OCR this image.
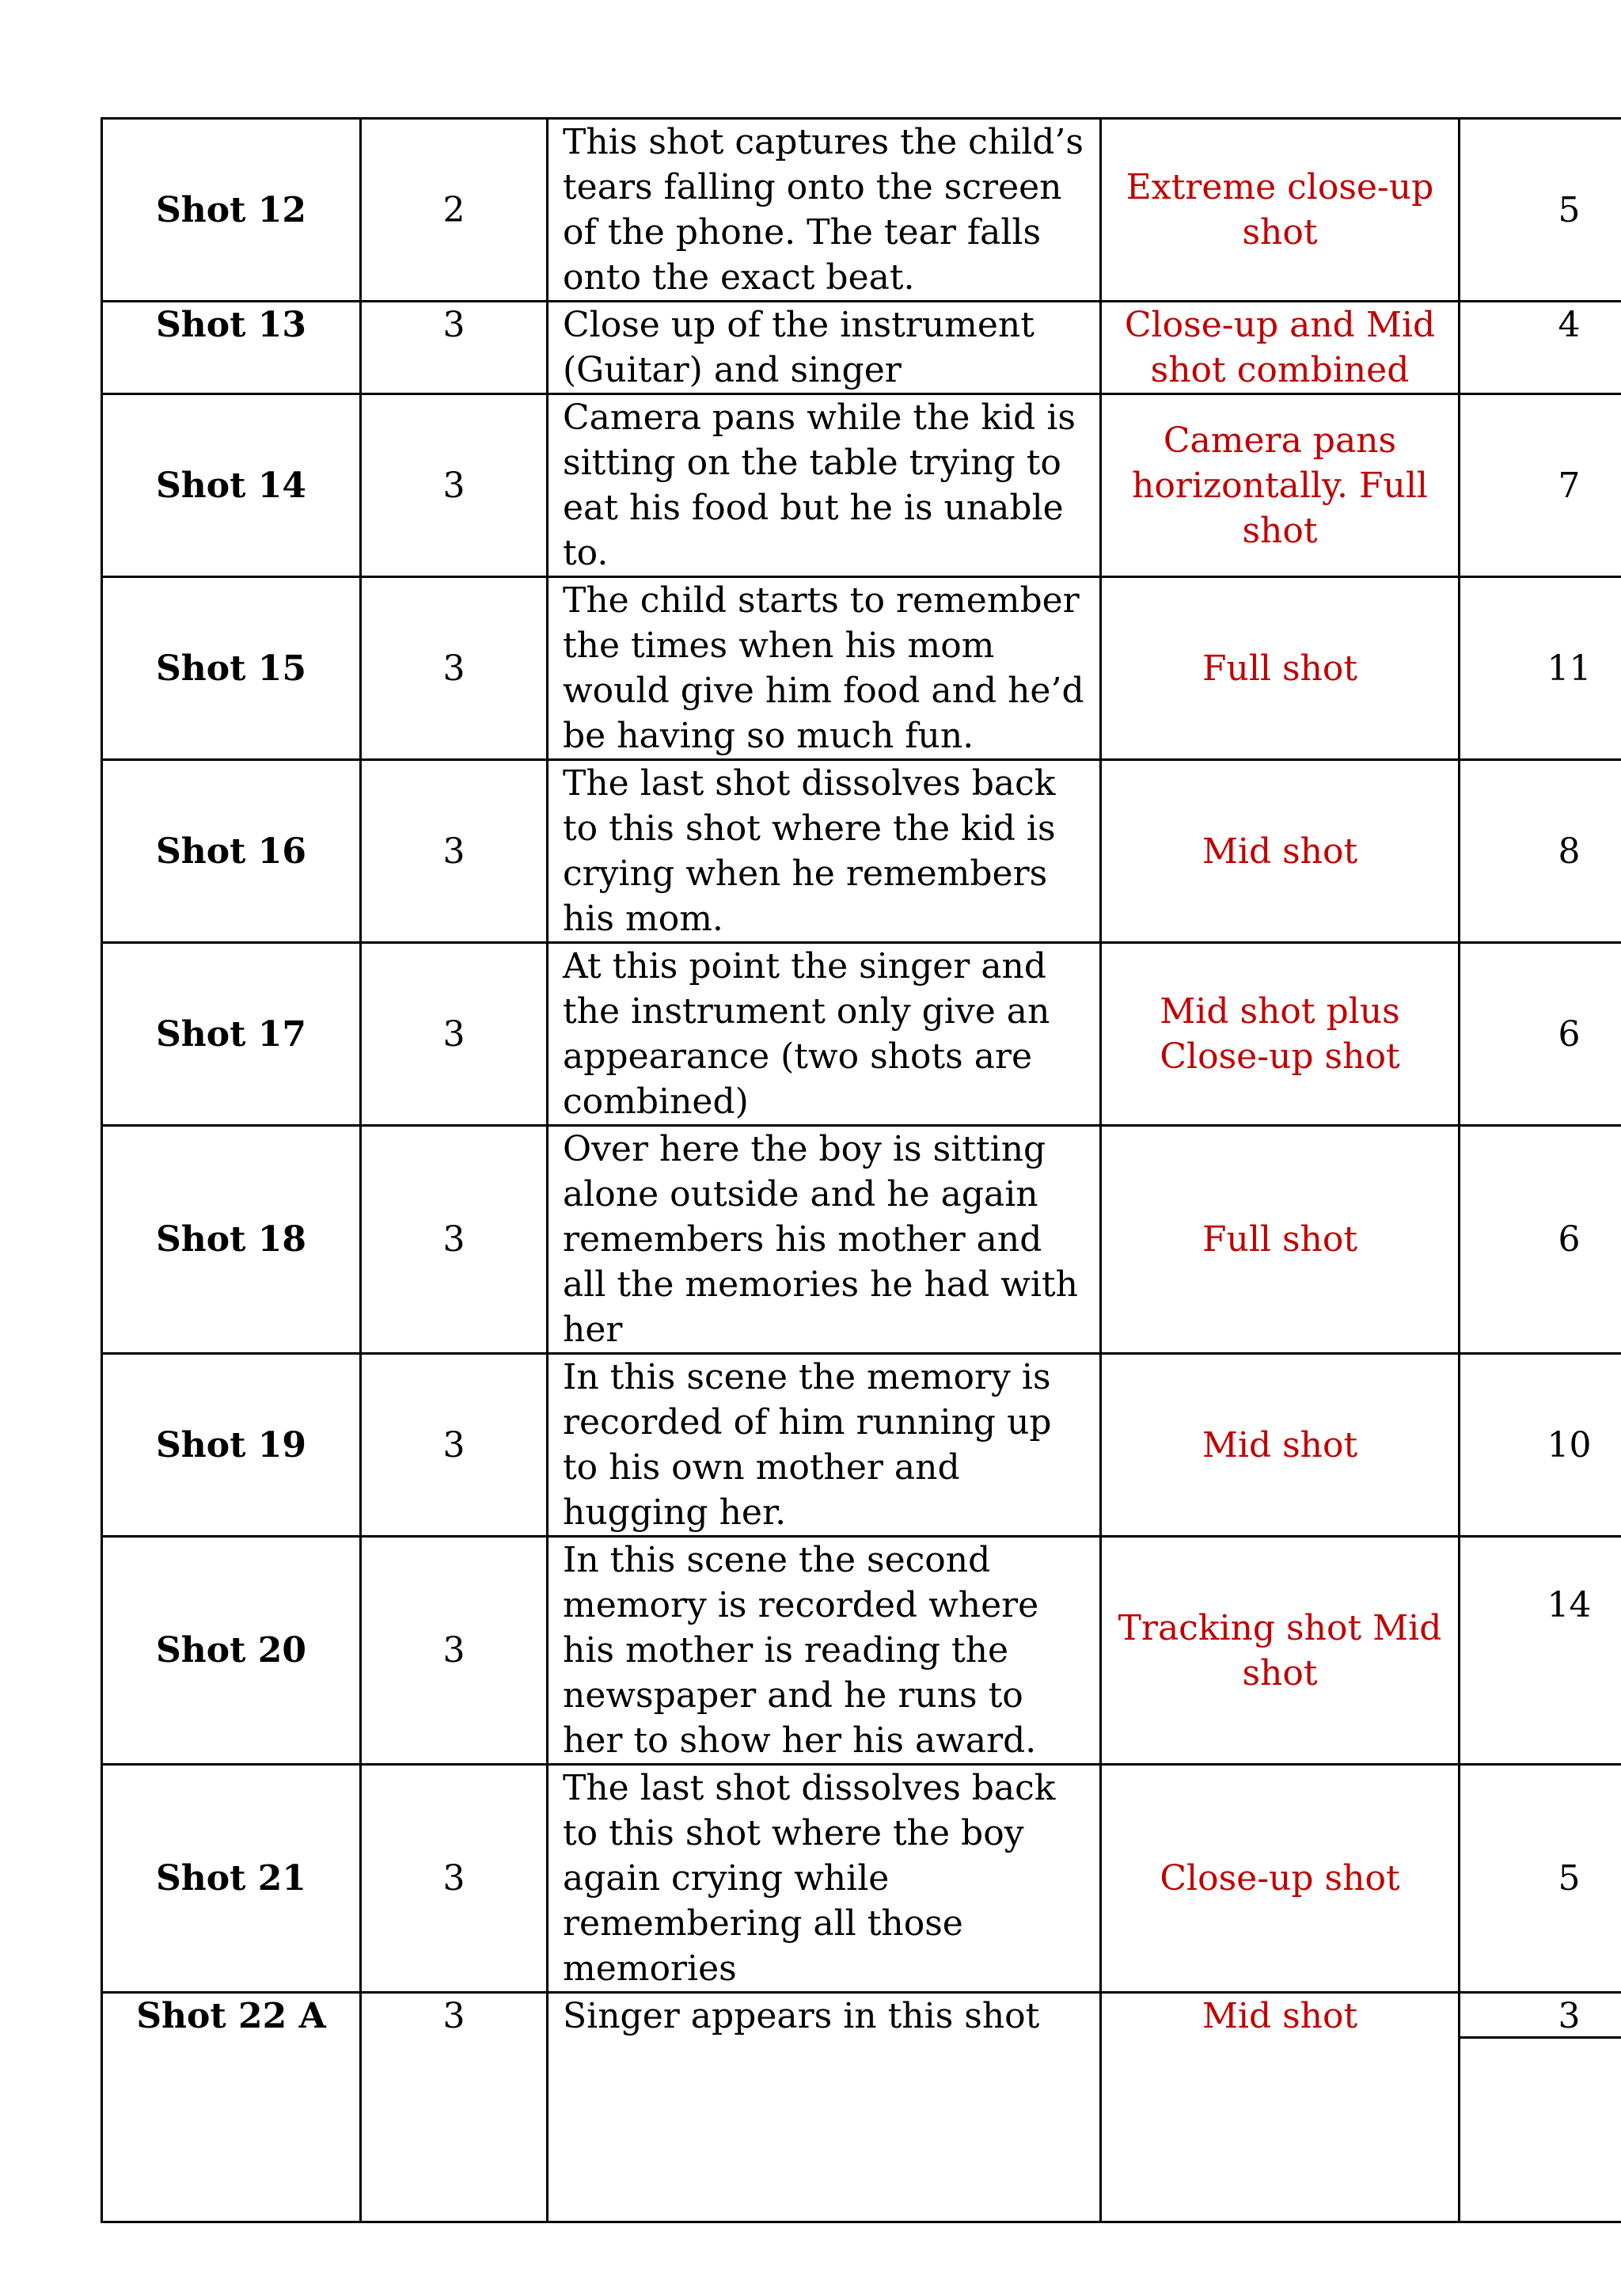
Shot 12	2	This shot captures the child’s tears falling onto the screen of the phone. The tear falls onto the exact beat.	Extreme close-up shot	5
Shot 13	3	Close up of the instrument (Guitar) and singer	Close-up and Mid shot combined	4
Shot 14	3	Camera pans while the kid is sitting on the table trying to eat his food but he is unable to.	Camera pans horizontally. Full shot	7
Shot 15	3	The child starts to remember the times when his mom would give him food and he’d be having so much fun.	Full shot	11
Shot 16	3	The last shot dissolves back to this shot where the kid is crying when he remembers his mom.	Mid shot	8
Shot 17	3	At this point the singer and the instrument only give an appearance (two shots are combined)	Mid shot plus Close-up shot	6
Shot 18	3	Over here the boy is sitting alone outside and he again remembers his mother and all the memories he had with her	Full shot	6
Shot 19	3	In this scene the memory is recorded of him running up to his own mother and hugging her.	Mid shot	10
Shot 20	3	In this scene the second memory is recorded where his mother is reading the newspaper and he runs to her to show her his award.	Tracking shot Mid shot	14
Shot 21	3	The last shot dissolves back to this shot where the boy again crying while remembering all those memories	Close-up shot	5
Shot 22 A	3	Singer appears in this shot	Mid shot	3
